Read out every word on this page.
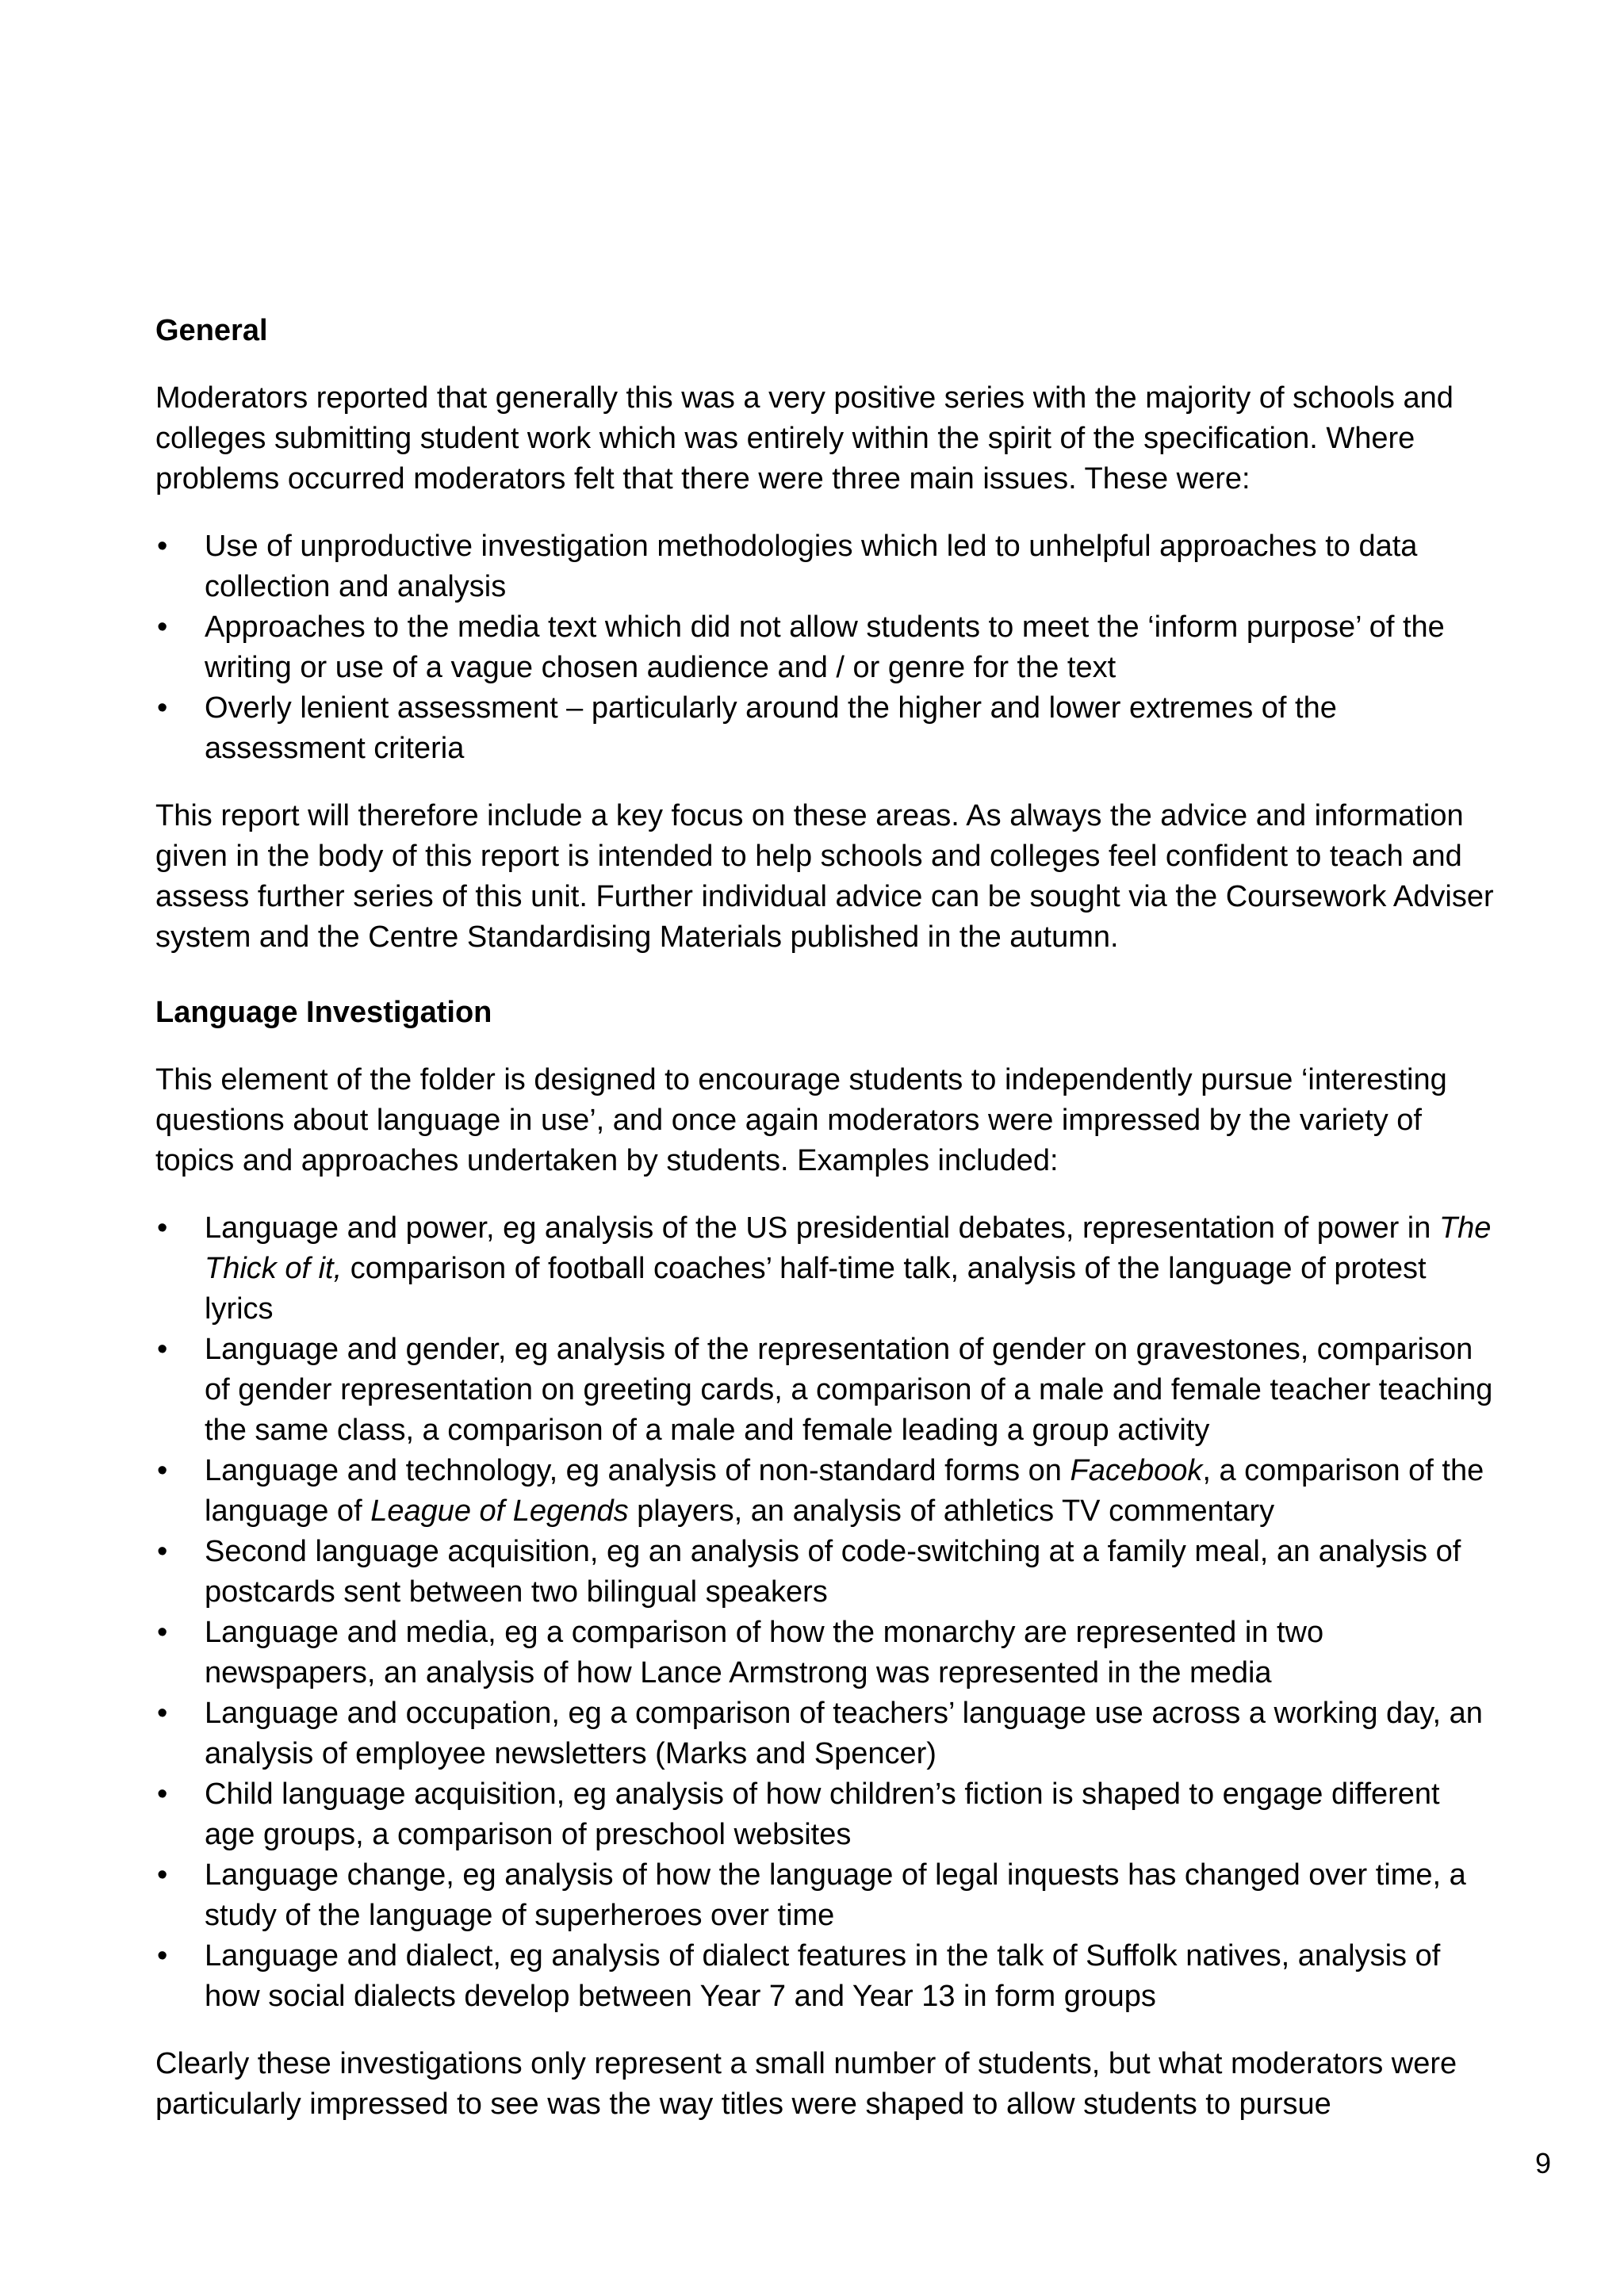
General

Moderators reported that generally this was a very positive series with the majority of schools and colleges submitting student work which was entirely within the spirit of the specification. Where problems occurred moderators felt that there were three main issues. These were:

• Use of unproductive investigation methodologies which led to unhelpful approaches to data collection and analysis
• Approaches to the media text which did not allow students to meet the ‘inform purpose’ of the writing or use of a vague chosen audience and / or genre for the text
• Overly lenient assessment – particularly around the higher and lower extremes of the assessment criteria

This report will therefore include a key focus on these areas. As always the advice and information given in the body of this report is intended to help schools and colleges feel confident to teach and assess further series of this unit. Further individual advice can be sought via the Coursework Adviser system and the Centre Standardising Materials published in the autumn.

Language Investigation

This element of the folder is designed to encourage students to independently pursue ‘interesting questions about language in use’, and once again moderators were impressed by the variety of topics and approaches undertaken by students. Examples included:

• Language and power, eg analysis of the US presidential debates, representation of power in The Thick of it, comparison of football coaches’ half-time talk, analysis of the language of protest lyrics
• Language and gender, eg analysis of the representation of gender on gravestones, comparison of gender representation on greeting cards, a comparison of a male and female teacher teaching the same class, a comparison of a male and female leading a group activity
• Language and technology, eg analysis of non-standard forms on Facebook, a comparison of the language of League of Legends players, an analysis of athletics TV commentary
• Second language acquisition, eg an analysis of code-switching at a family meal, an analysis of postcards sent between two bilingual speakers
• Language and media, eg a comparison of how the monarchy are represented in two newspapers, an analysis of how Lance Armstrong was represented in the media
• Language and occupation, eg a comparison of teachers’ language use across a working day, an analysis of employee newsletters (Marks and Spencer)
• Child language acquisition, eg analysis of how children’s fiction is shaped to engage different age groups, a comparison of preschool websites
• Language change, eg analysis of how the language of legal inquests has changed over time, a study of the language of superheroes over time
• Language and dialect, eg analysis of dialect features in the talk of Suffolk natives, analysis of how social dialects develop between Year 7 and Year 13 in form groups

Clearly these investigations only represent a small number of students, but what moderators were particularly impressed to see was the way titles were shaped to allow students to pursue

9
